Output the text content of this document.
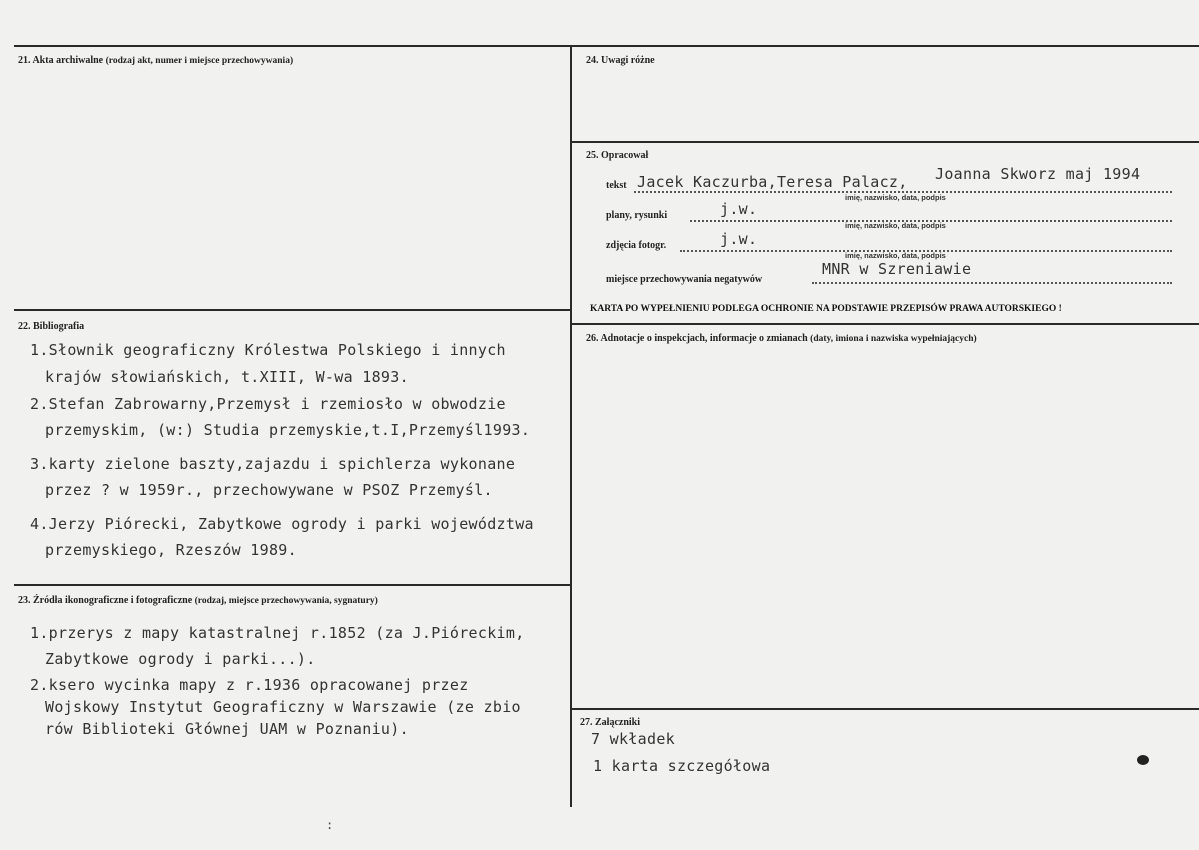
21. Akta archiwalne (rodzaj akt, numer i miejsce przechowywania)
22. Bibliografia
1.Słownik geograficzny Królestwa Polskiego i innych
krajów słowiańskich, t.XIII, W-wa 1893.
2.Stefan Zabrowarny,Przemysł i rzemiosło w obwodzie
przemyskim, (w:) Studia przemyskie,t.I,Przemyśl1993.
3.karty zielone baszty,zajazdu i spichlerza wykonane
przez ? w 1959r., przechowywane w PSOZ Przemyśl.
4.Jerzy Piórecki, Zabytkowe ogrody i parki województwa
przemyskiego, Rzeszów 1989.
23. Źródła ikonograficzne i fotograficzne (rodzaj, miejsce przechowywania, sygnatury)
1.przerys z mapy katastralnej r.1852 (za J.Pióreckim,
Zabytkowe ogrody i parki...).
2.ksero wycinka mapy z r.1936 opracowanej przez
Wojskowy Instytut Geograficzny w Warszawie (ze zbio
rów Biblioteki Głównej UAM w Poznaniu).
24. Uwagi różne
25. Opracował
tekst Jacek Kaczurba,Teresa Palacz, Joanna Skworz maj 1994
imię, nazwisko, data, podpis
plany, rysunki	j.w.
imię, nazwisko, data, podpis
zdjęcia fotogr.	j.w.
imię, nazwisko, data, podpis
miejsce przechowywania negatywów
MNR w Szreniawie
KARTA PO WYPEŁNIENIU PODLEGA OCHRONIE NA PODSTAWIE PRZEPISÓW PRAWA AUTORSKIEGO !
26. Adnotacje o inspekcjach, informacje o zmianach (daty, imiona i nazwiska wypełniających)
27. Załączniki
7 wkładek
1 karta szczegółowa
:
